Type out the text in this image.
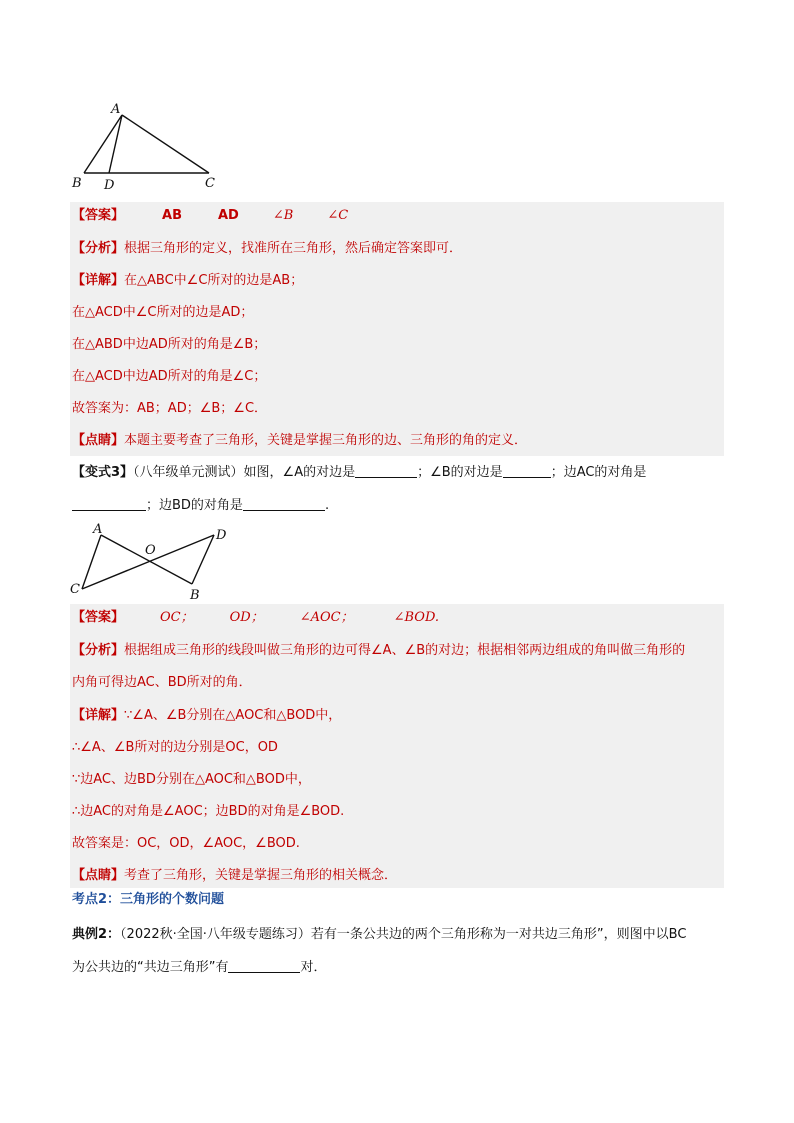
A
B D	C
【答案】	AB	AD	∠B	∠C
【分析】根据三角形的定义，找准所在三角形，然后确定答案即可．
【详解】在△ABC中∠C所对的边是AB；
在△ACD中∠C所对的边是AD；
在△ABD中边AD所对的角是∠B；
在△ACD中边AD所对的角是∠C；
故答案为：AB；AD；∠B；∠C．
【点睛】本题主要考查了三角形，关键是掌握三角形的边、三角形的角的定义．
【变式3】（八年级单元测试）如图，∠A的对边是	；∠B的对边是	；边AC的对角是
；边BD的对角是	.
A
O
D
C	B
【答案】	OC；	OD；	∠AOC；	∠BOD.
【分析】根据组成三角形的线段叫做三角形的边可得∠A、∠B的对边；根据相邻两边组成的角叫做三角形的
内角可得边AC、BD所对的角．
【详解】∵∠A、∠B分别在△AOC和△BOD中，
∴∠A、∠B所对的边分别是OC，OD
∵边AC、边BD分别在△AOC和△BOD中，
∴边AC的对角是∠AOC；边BD的对角是∠BOD.
故答案是：OC，OD，∠AOC，∠BOD.
【点睛】考查了三角形，关键是掌握三角形的相关概念．
考点2：三角形的个数问题
典例2：（2022秋·全国·八年级专题练习）若有一条公共边的两个三角形称为一对共边三角形”，则图中以BC
为公共边的“共边三角形”有	对．
